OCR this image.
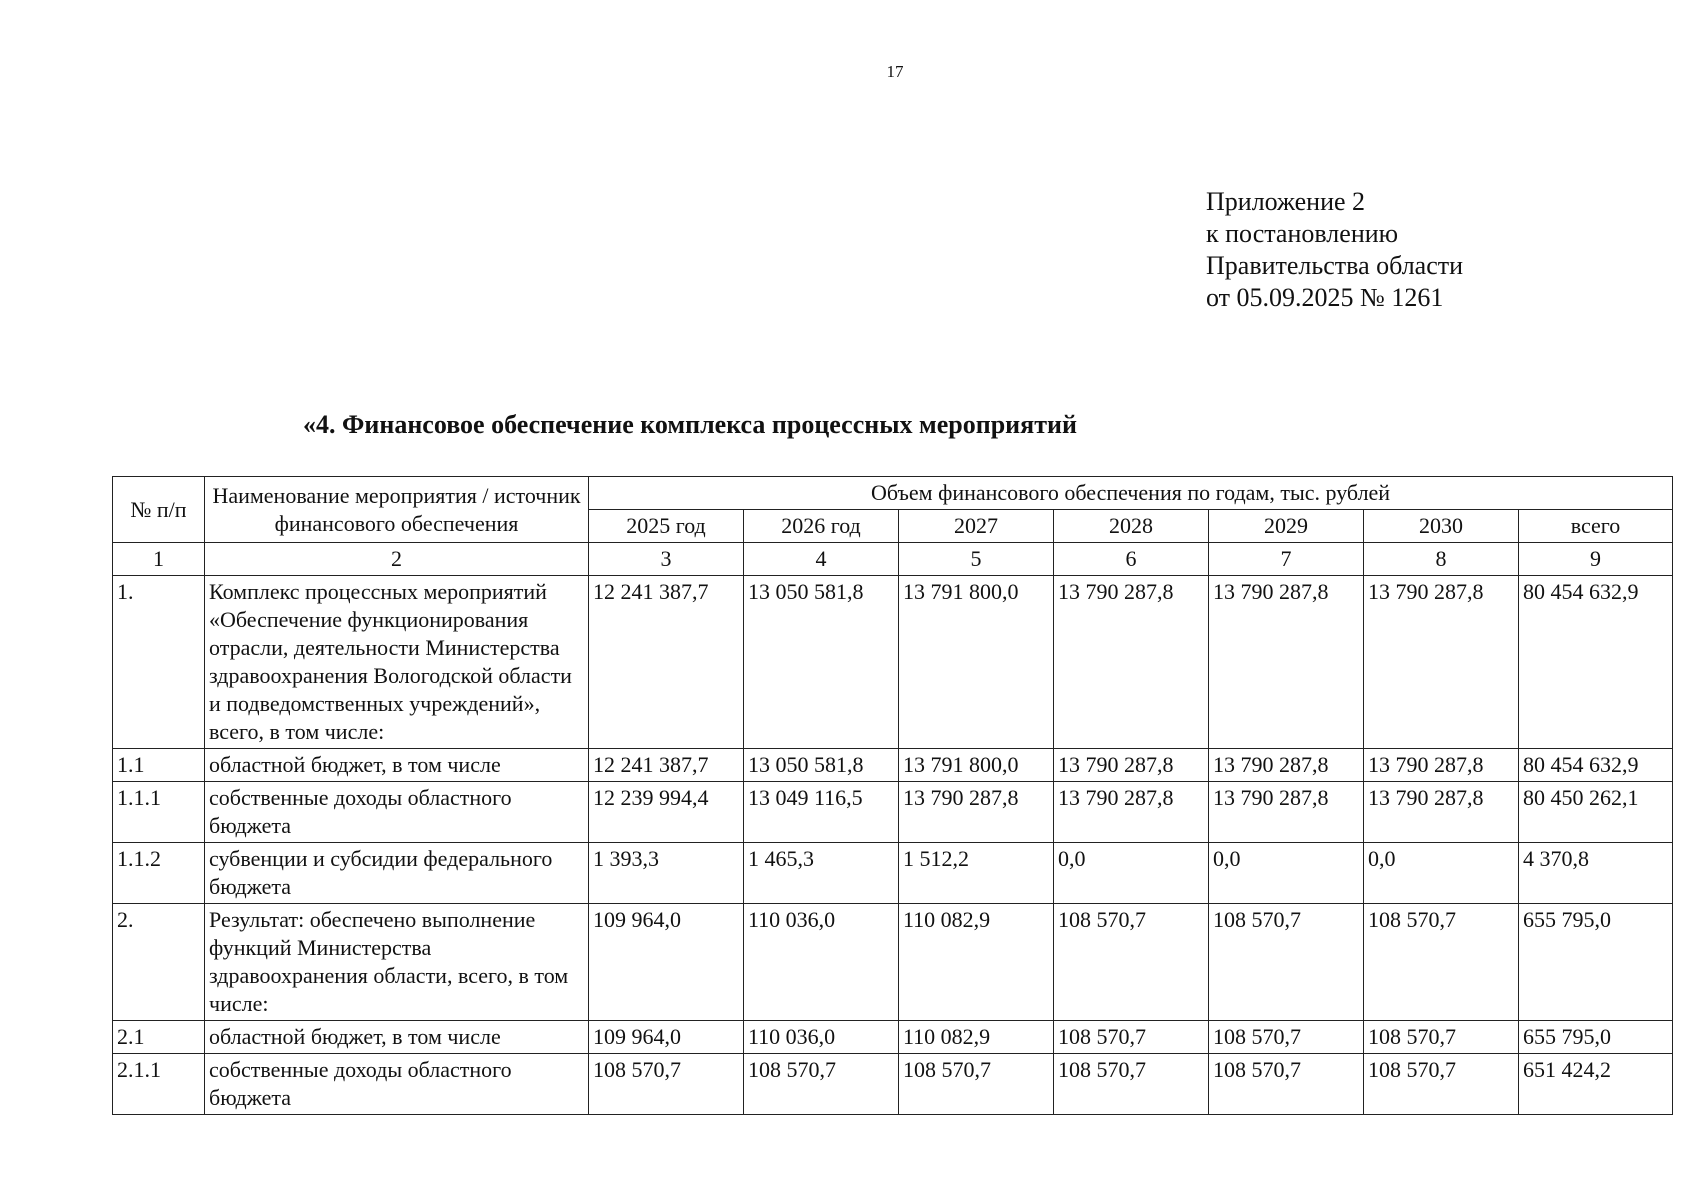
17
Приложение 2
к постановлению
Правительства области
от 05.09.2025 № 1261
«4. Финансовое обеспечение комплекса процессных мероприятий
№ п/п	Наименование мероприятия / источник финансового обеспечения	Объем финансового обеспечения по годам, тыс. рублей						
		2025 год	2026 год	2027	2028	2029	2030	всего
1	2	3	4	5	6	7	8	9
1.	Комплекс процессных мероприятий «Обеспечение функционирования отрасли, деятельности Министерства здравоохранения Вологодской области и подведомственных учреждений», всего, в том числе:	12 241 387,7	13 050 581,8	13 791 800,0	13 790 287,8	13 790 287,8	13 790 287,8	80 454 632,9
1.1	областной бюджет, в том числе	12 241 387,7	13 050 581,8	13 791 800,0	13 790 287,8	13 790 287,8	13 790 287,8	80 454 632,9
1.1.1	собственные доходы областного бюджета	12 239 994,4	13 049 116,5	13 790 287,8	13 790 287,8	13 790 287,8	13 790 287,8	80 450 262,1
1.1.2	субвенции и субсидии федерального бюджета	1 393,3	1 465,3	1 512,2	0,0	0,0	0,0	4 370,8
2.	Результат: обеспечено выполнение функций Министерства здравоохранения области, всего, в том числе:	109 964,0	110 036,0	110 082,9	108 570,7	108 570,7	108 570,7	655 795,0
2.1	областной бюджет, в том числе	109 964,0	110 036,0	110 082,9	108 570,7	108 570,7	108 570,7	655 795,0
2.1.1	собственные доходы областного бюджета	108 570,7	108 570,7	108 570,7	108 570,7	108 570,7	108 570,7	651 424,2
